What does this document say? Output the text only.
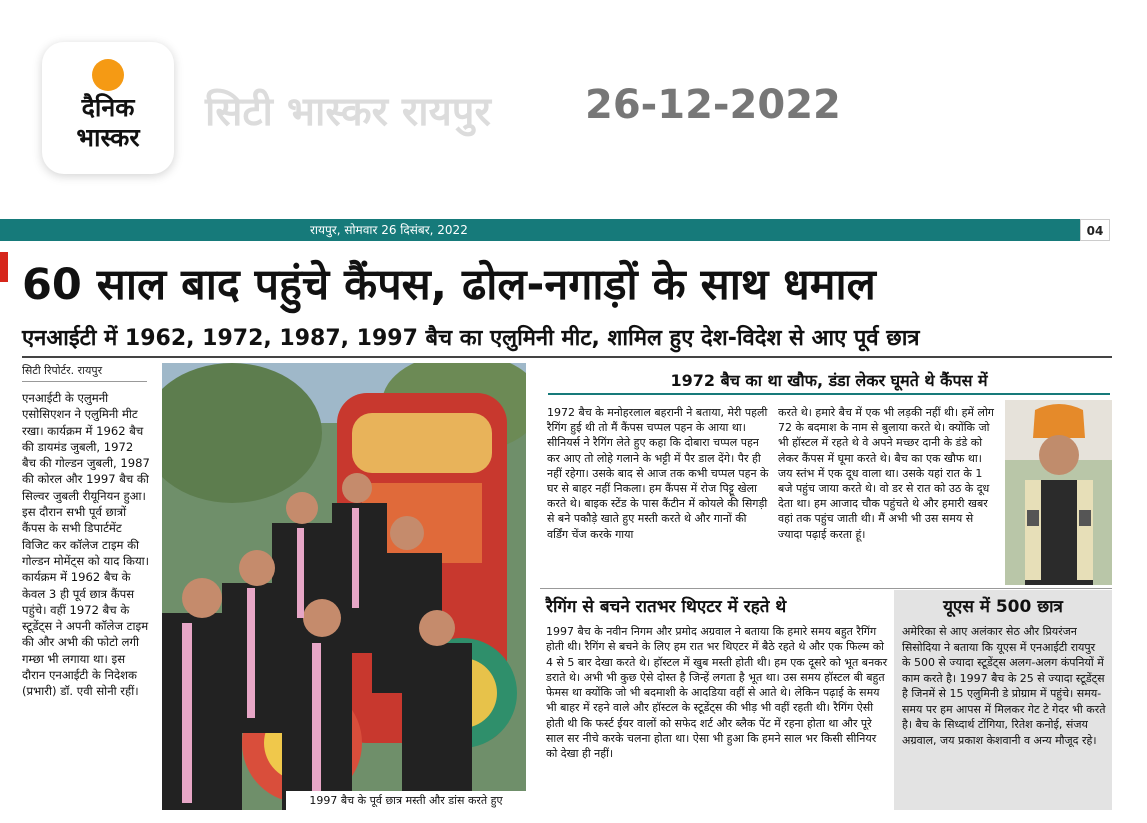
दैनिक
भास्कर
सिटी भास्कर रायपुर 26-12-2022
रायपुर, सोमवार 26 दिसंबर, 2022	04
60 साल बाद पहुंचे कैंपस, ढोल-नगाड़ों के साथ धमाल
एनआईटी में 1962, 1972, 1987, 1997 बैच का एलुमिनी मीट, शामिल हुए देश-विदेश से आए पूर्व छात्र
सिटी रिपोर्टर. रायपुर
एनआईटी के एलुमनी एसोसिएशन ने एलुमिनी मीट रखा। कार्यक्रम में 1962 बैच की डायमंड जुबली, 1972 बैच की गोल्डन जुबली, 1987 की कोरल और 1997 बैच की सिल्वर जुबली रीयूनियन हुआ। इस दौरान सभी पूर्व छात्रों कैंपस के सभी डिपार्टमेंट विजिट कर कॉलेज टाइम की गोल्डन मोमेंट्स को याद किया। कार्यक्रम में 1962 बैच के केवल 3 ही पूर्व छात्र कैंपस पहुंचे। वहीं 1972 बैच के स्टूडेंट्स ने अपनी कॉलेज टाइम की और अभी की फोटो लगी गम्छा भी लगाया था। इस दौरान एनआईटी के निदेशक (प्रभारी) डॉ. एवी सोनी रहीं।
1997 बैच के पूर्व छात्र मस्ती और डांस करते हुए
1972 बैच का था खौफ, डंडा लेकर घूमते थे कैंपस में
1972 बैच के मनोहरलाल बहरानी ने बताया, मेरी पहली रैगिंग हुई थी तो मैं कैंपस चप्पल पहन के आया था। सीनियर्स ने रैगिंग लेते हुए कहा कि दोबारा चप्पल पहन कर आए तो लोहे गलाने के भट्टी में पैर डाल देंगे। पैर ही नहीं रहेगा। उसके बाद से आज तक कभी चप्पल पहन के घर से बाहर नहीं निकला। हम कैंपस में रोज पिट्टू खेला करते थे। बाइक स्टेंड के पास कैंटीन में कोयले की सिगड़ी से बने पकौड़े खाते हुए मस्ती करते थे और गानों की वर्डिंग चेंज करके गाया
करते थे। हमारे बैच में एक भी लड़की नहीं थी। हमें लोग 72 के बदमाश के नाम से बुलाया करते थे। क्योंकि जो भी हॉस्टल में रहते थे वे अपने मच्छर दानी के डंडे को लेकर कैंपस में घूमा करते थे। बैच का एक खौफ था। जय स्तंभ में एक दूध वाला था। उसके यहां रात के 1 बजे पहुंच जाया करते थे। वो डर से रात को उठ के दूध देता था। हम आजाद चौक पहुंचते थे और हमारी खबर वहां तक पहुंच जाती थी। मैं अभी भी उस समय से ज्यादा पढ़ाई करता हूं।
रैगिंग से बचने रातभर थिएटर में रहते थे
1997 बैच के नवीन निगम और प्रमोद अग्रवाल ने बताया कि हमारे समय बहुत रैगिंग होती थी। रैगिंग से बचने के लिए हम रात भर थिएटर में बैठे रहते थे और एक फिल्म को 4 से 5 बार देखा करते थे। हॉस्टल में खुब मस्ती होती थी। हम एक दूसरे को भूत बनकर डराते थे। अभी भी कुछ ऐसे दोस्त है जिन्हें लगता है भूत था। उस समय हॉस्टल बी बहुत फेमस था क्योंकि जो भी बदमाशी के आदडिया वहीं से आते थे। लेकिन पढ़ाई के समय भी बाहर में रहने वाले और हॉस्टल के स्टूडेंट्स की भीड़ भी वहीं रहती थी। रैगिंग ऐसी होती थी कि फर्स्ट ईयर वालों को सफेद शर्ट और ब्लैक पेंट में रहना होता था और पूरे साल सर नीचे करके चलना होता था। ऐसा भी हुआ कि हमने साल भर किसी सीनियर को देखा ही नहीं।
यूएस में 500 छात्र
अमेरिका से आए अलंकार सेठ और प्रियरंजन सिसोदिया ने बताया कि यूएस में एनआईटी रायपुर के 500 से ज्यादा स्टूडेंट्स अलग-अलग कंपनियों में काम करते है। 1997 बैच के 25 से ज्यादा स्टूडेंट्स है जिनमें से 15 एलुमिनी डे प्रोग्राम में पहुंचे। समय-समय पर हम आपस में मिलकर गेट टे गेदर भी करते है। बैच के सिध्दार्थ टोंगिया, रितेश कनोई, संजय अग्रवाल, जय प्रकाश केशवानी व अन्य मौजूद रहे।
